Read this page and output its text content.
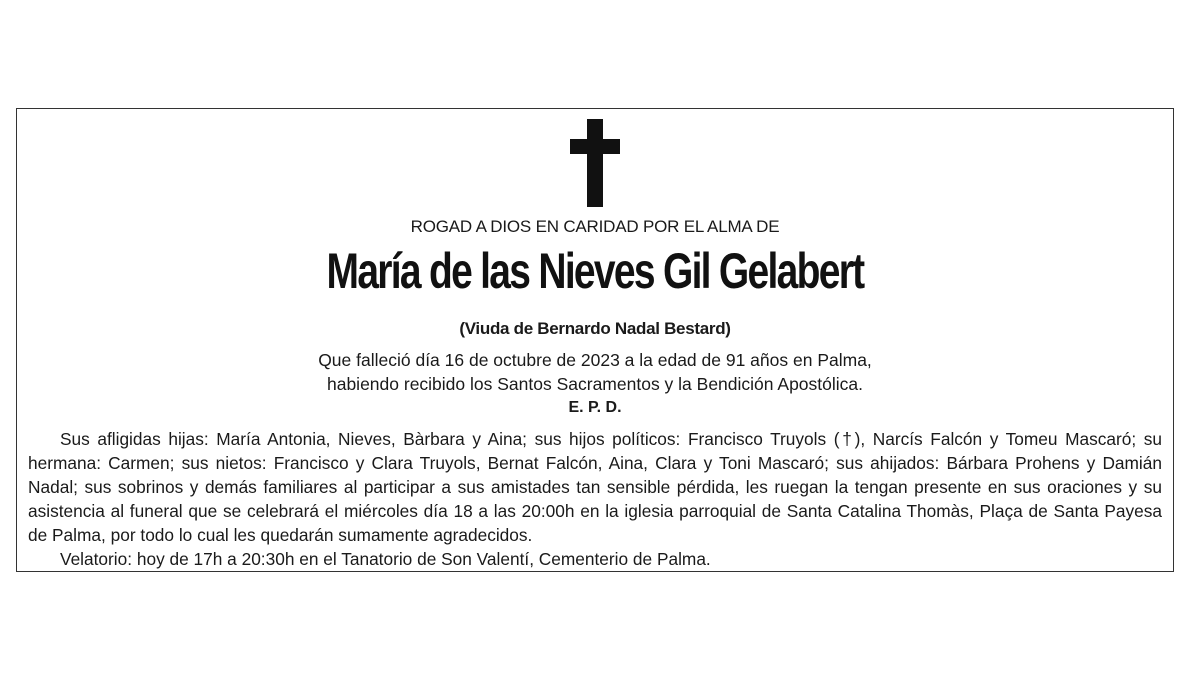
ROGAD A DIOS EN CARIDAD POR EL ALMA DE
María de las Nieves Gil Gelabert
(Viuda de Bernardo Nadal Bestard)
Que falleció día 16 de octubre de 2023 a la edad de 91 años en Palma,
habiendo recibido los Santos Sacramentos y la Bendición Apostólica.
E. P. D.

Sus afligidas hijas: María Antonia, Nieves, Bàrbara y Aina; sus hijos políticos: Francisco Truyols (†), Narcís Falcón y Tomeu Mascaró; su hermana: Carmen; sus nietos: Francisco y Clara Truyols, Bernat Falcón, Aina, Clara y Toni Mascaró; sus ahijados: Bárbara Prohens y Damián Nadal; sus sobrinos y demás familiares al participar a sus amistades tan sensible pérdida, les ruegan la tengan presente en sus oraciones y su asistencia al funeral que se celebrará el miércoles día 18 a las 20:00h en la iglesia parroquial de Santa Catalina Thomàs, Plaça de Santa Payesa de Palma, por todo lo cual les quedarán sumamente agradecidos.

Velatorio: hoy de 17h a 20:30h en el Tanatorio de Son Valentí, Cementerio de Palma.
